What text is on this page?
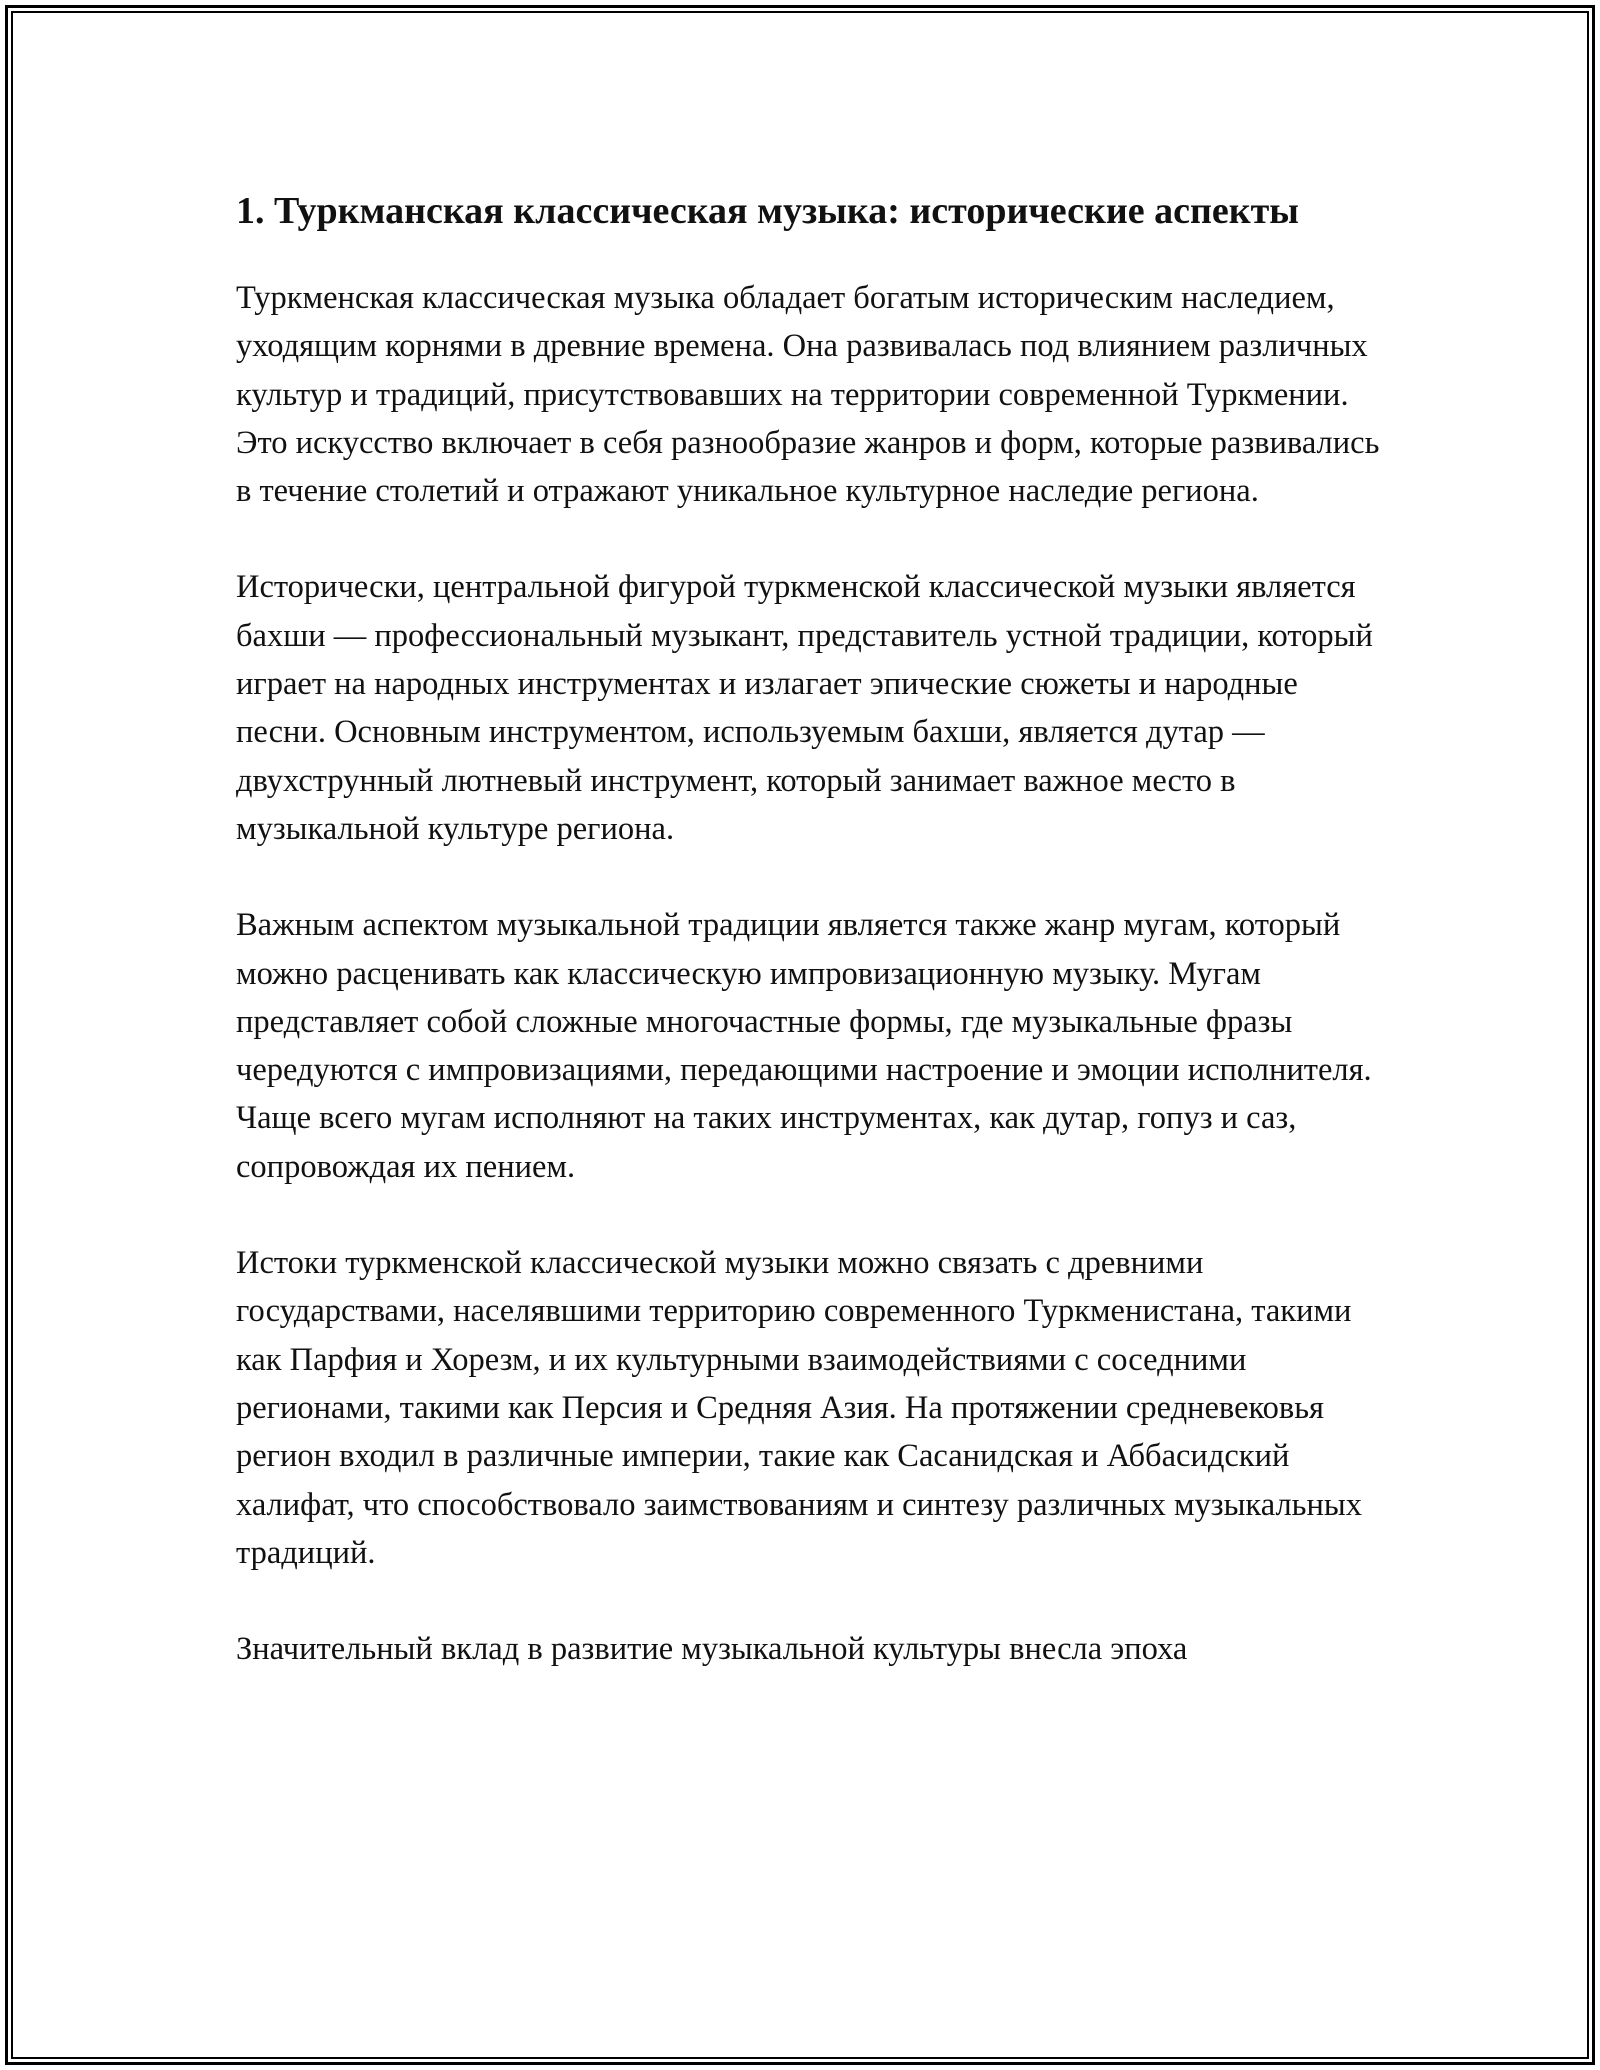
1. Туркманская классическая музыка: исторические аспекты

Туркменская классическая музыка обладает богатым историческим наследием, уходящим корнями в древние времена. Она развивалась под влиянием различных культур и традиций, присутствовавших на территории современной Туркмении. Это искусство включает в себя разнообразие жанров и форм, которые развивались в течение столетий и отражают уникальное культурное наследие региона.

Исторически, центральной фигурой туркменской классической музыки является бахши — профессиональный музыкант, представитель устной традиции, который играет на народных инструментах и излагает эпические сюжеты и народные песни. Основным инструментом, используемым бахши, является дутар — двухструнный лютневый инструмент, который занимает важное место в музыкальной культуре региона.

Важным аспектом музыкальной традиции является также жанр мугам, который можно расценивать как классическую импровизационную музыку. Мугам представляет собой сложные многочастные формы, где музыкальные фразы чередуются с импровизациями, передающими настроение и эмоции исполнителя. Чаще всего мугам исполняют на таких инструментах, как дутар, гопуз и саз, сопровождая их пением.

Истоки туркменской классической музыки можно связать с древними государствами, населявшими территорию современного Туркменистана, такими как Парфия и Хорезм, и их культурными взаимодействиями с соседними регионами, такими как Персия и Средняя Азия. На протяжении средневековья регион входил в различные империи, такие как Сасанидская и Аббасидский халифат, что способствовало заимствованиям и синтезу различных музыкальных традиций.

Значительный вклад в развитие музыкальной культуры внесла эпоха
